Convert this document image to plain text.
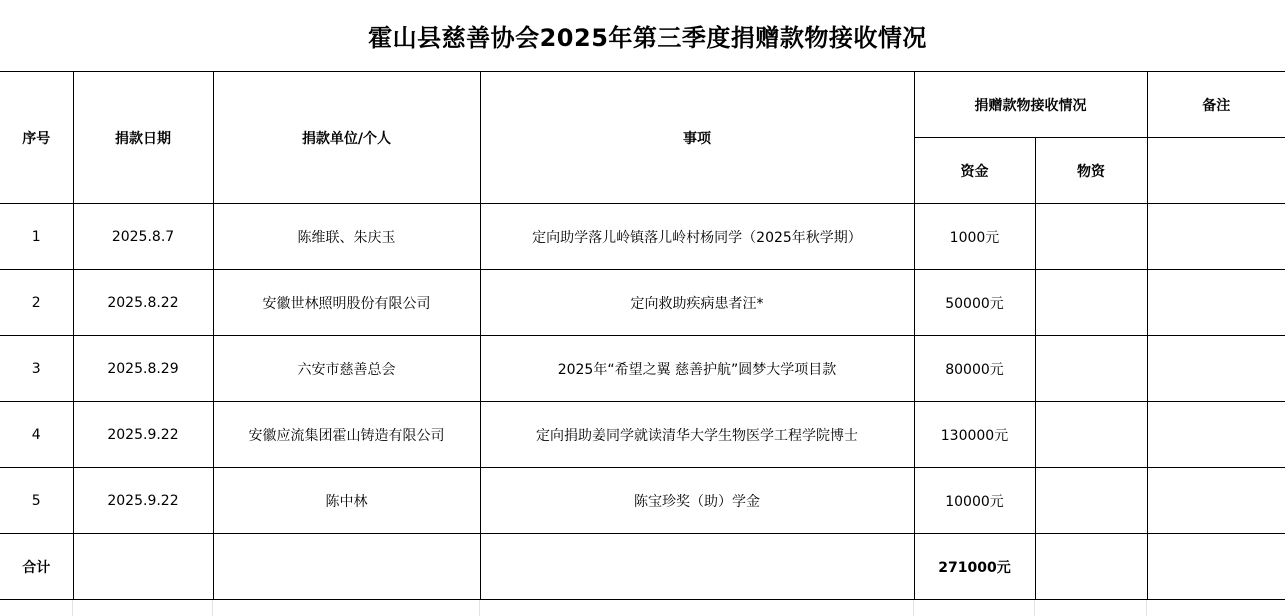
霍山县慈善协会2025年第三季度捐赠款物接收情况
序号	捐款日期	捐款单位/个人	事项	捐赠款物接收情况		备注
				资金	物资	
1	2025.8.7	陈维联、朱庆玉	定向助学落儿岭镇落儿岭村杨同学（2025年秋学期）	1000元		
2	2025.8.22	安徽世林照明股份有限公司	定向救助疾病患者汪*	50000元		
3	2025.8.29	六安市慈善总会	2025年“希望之翼 慈善护航”圆梦大学项目款	80000元		
4	2025.9.22	安徽应流集团霍山铸造有限公司	定向捐助姜同学就读清华大学生物医学工程学院博士	130000元		
5	2025.9.22	陈中林	陈宝珍奖（助）学金	10000元		
合计				271000元		
